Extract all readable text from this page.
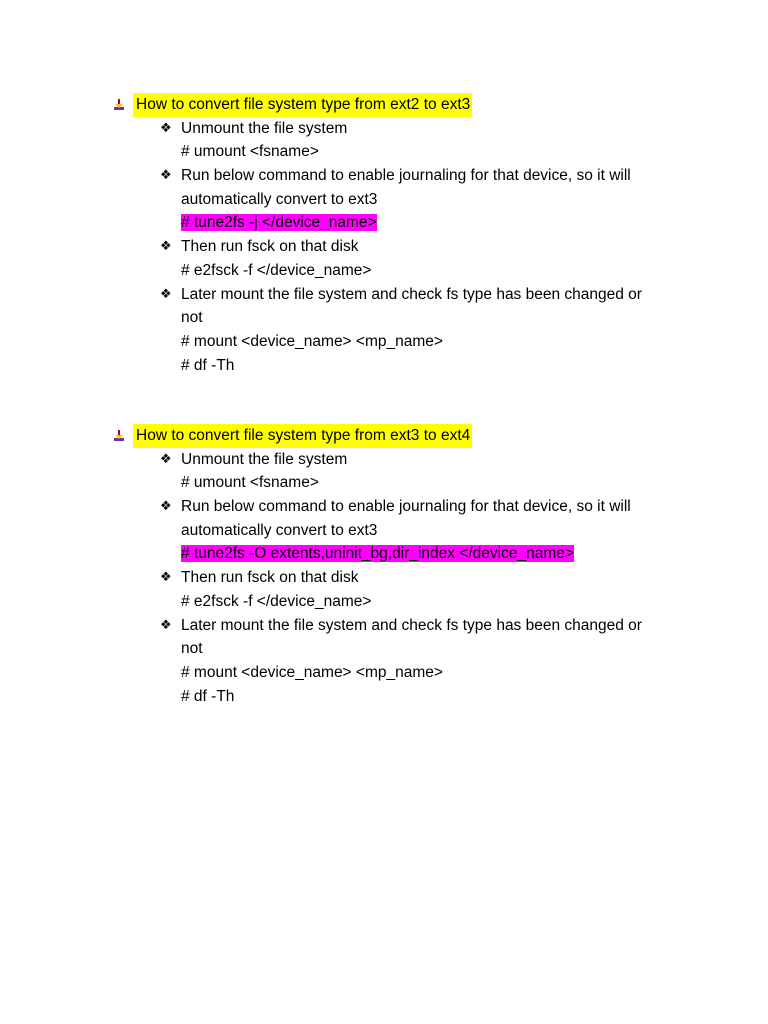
How to convert file system type from ext2 to ext3
❖ Unmount the file system
# umount <fsname>
❖ Run below command to enable journaling for that device, so it will
automatically convert to ext3
# tune2fs -j </device_name>
❖ Then run fsck on that disk
# e2fsck -f </device_name>
❖ Later mount the file system and check fs type has been changed or
not
# mount <device_name> <mp_name>
# df -Th
How to convert file system type from ext3 to ext4
❖ Unmount the file system
# umount <fsname>
❖ Run below command to enable journaling for that device, so it will
automatically convert to ext3
# tune2fs -O extents,uninit_bg,dir_index </device_name>
❖ Then run fsck on that disk
# e2fsck -f </device_name>
❖ Later mount the file system and check fs type has been changed or
not
# mount <device_name> <mp_name>
# df -Th
